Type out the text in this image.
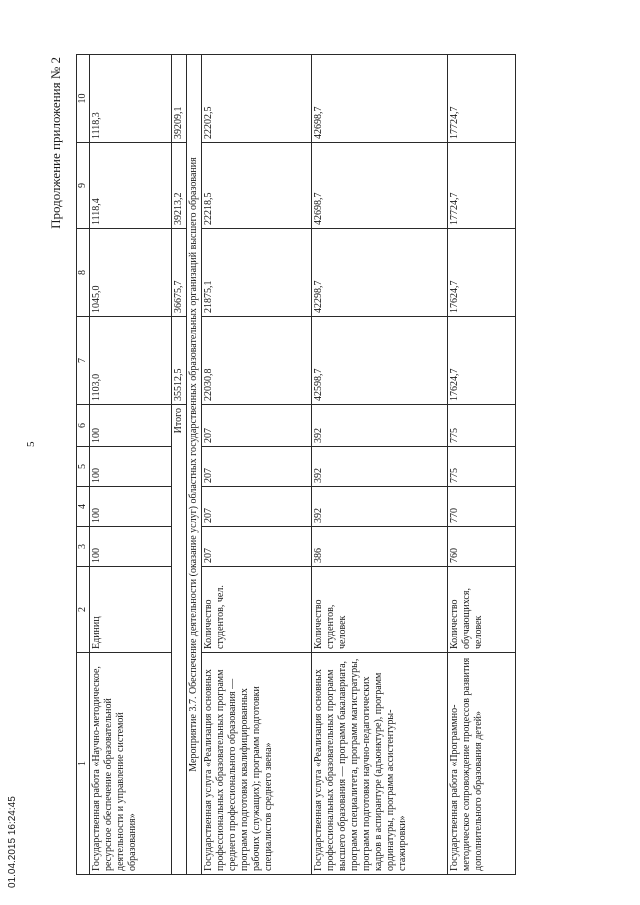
5
01.04.2015 16:24:45
Продолжение приложения № 2
1	2	3	4	5	6	7	8	9	10
Государственная работа «Научно-методическое, ресурсное обеспечение образовательной деятельности и управление системой образования»	Единиц	100	100	100	100	1103,0	1045,0	1118,4	1118,3
	Итого					35512,5	36675,7	39213,2	39209,1
Мероприятие 3.7. Обеспечение деятельности (оказание услуг) областных государственных образовательных организаций высшего образования									
Государственная услуга «Реализация основных профессиональных образовательных программ среднего профессионального образования — программ подготовки квалифицированных рабочих (служащих); программ подготовки специалистов среднего звена»	Количество студентов, чел.	207	207	207	207	22030,8	21875,1	22218,5	22202,5
Государственная услуга «Реализация основных профессиональных образовательных программ высшего образования — программ бакалавриата, программ специалитета, программ магистратуры, программ подготовки научно-педагогических кадров в аспирантуре (адъюнктуре), программ ординатуры, программ ассистентуры-стажировки»	Количество студентов, человек	386	392	392	392	42598,7	42298,7	42698,7	42698,7
Государственная работа «Программно-методическое сопровождение процессов развития дополнительного образования детей»	Количество обучающихся, человек	760	770	775	775	17624,7	17624,7	17724,7	17724,7
